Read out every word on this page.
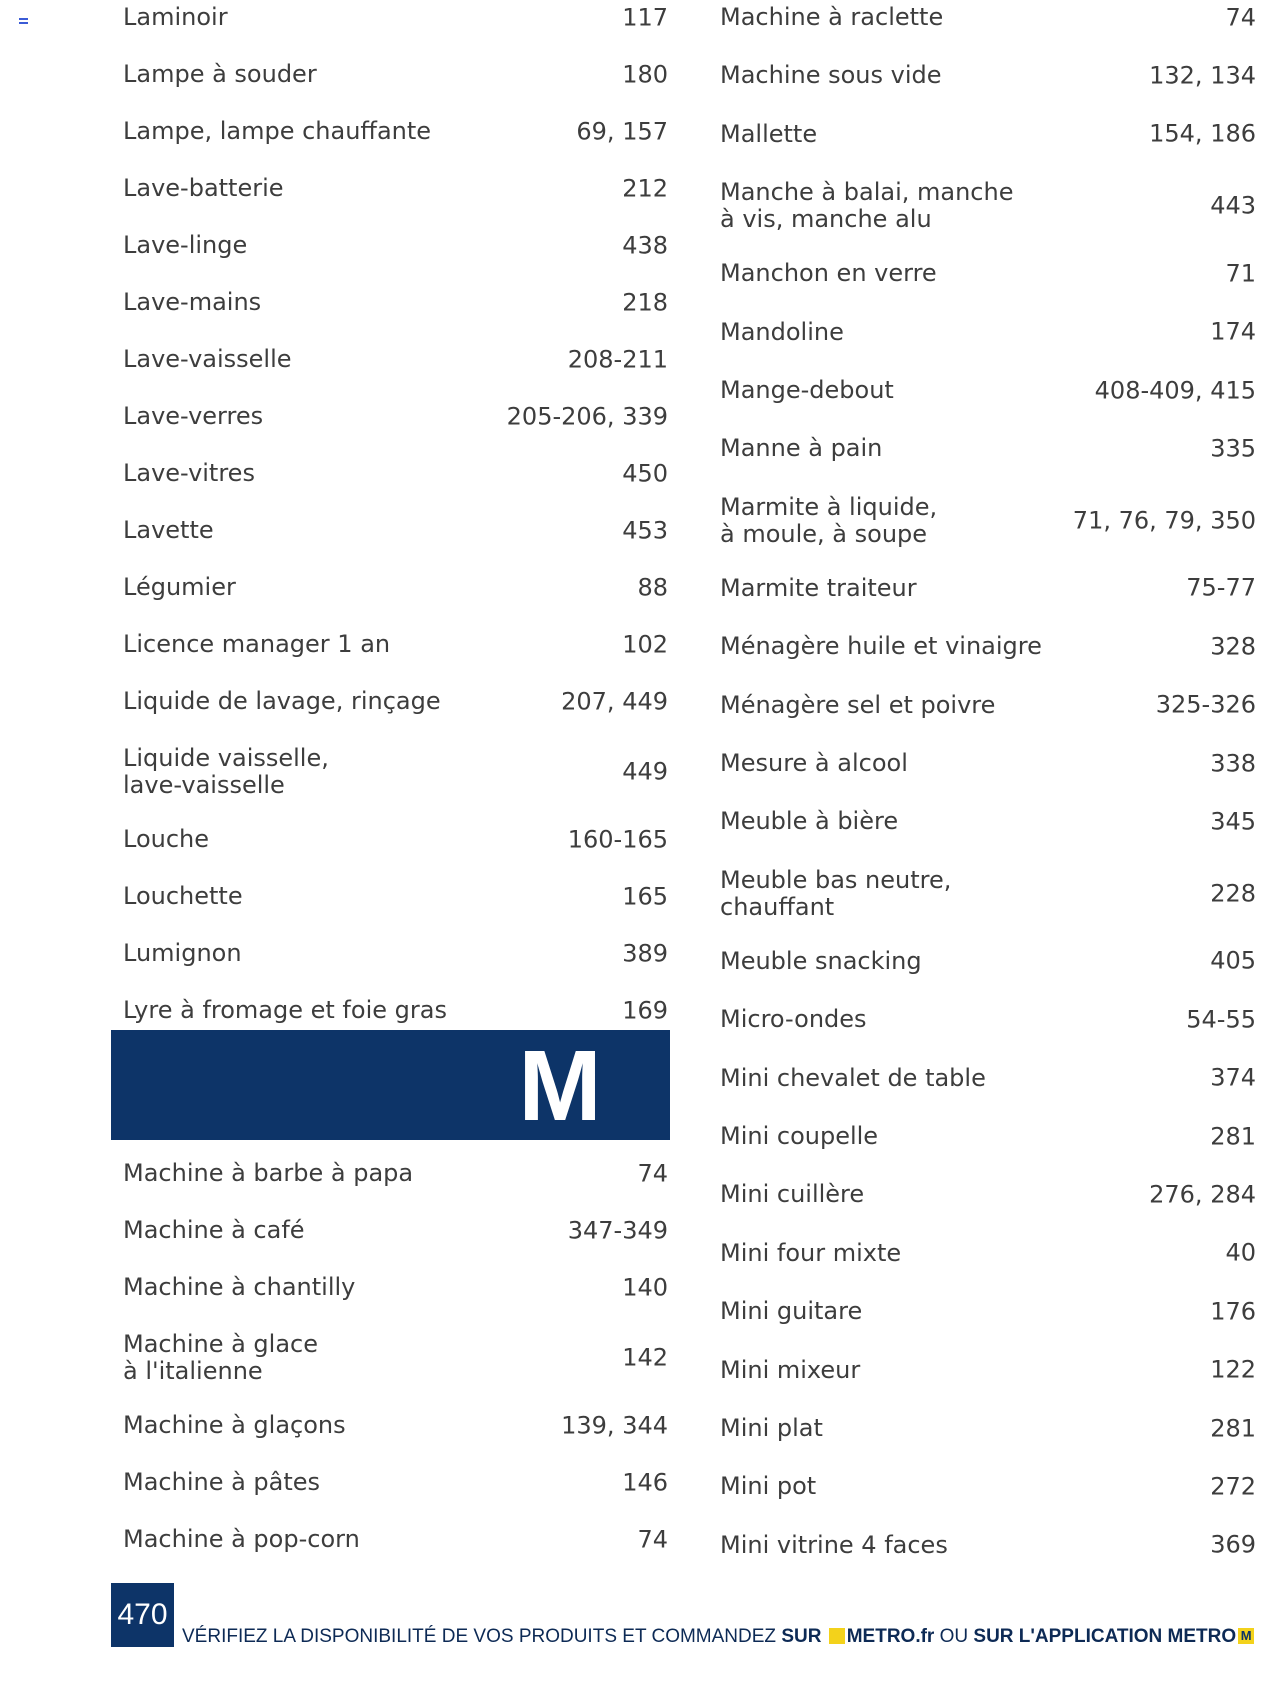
Laminoir	117
Lampe à souder	180
Lampe, lampe chauffante	69, 157
Lave-batterie	212
Lave-linge	438
Lave-mains	218
Lave-vaisselle	208-211
Lave-verres	205-206, 339
Lave-vitres	450
Lavette	453
Légumier	88
Licence manager 1 an	102
Liquide de lavage, rinçage	207, 449
Liquide vaisselle,
lave-vaisselle	449
Louche	160-165
Louchette	165
Lumignon	389
Lyre à fromage et foie gras	169
Machine à barbe à papa	74
Machine à café	347-349
Machine à chantilly	140
Machine à glace
à l'italienne	142
Machine à glaçons	139, 344
Machine à pâtes	146
Machine à pop-corn	74
M
Machine à raclette	74
Machine sous vide	132, 134
Mallette	154, 186
Manche à balai, manche
à vis, manche alu	443
Manchon en verre	71
Mandoline	174
Mange-debout	408-409, 415
Manne à pain	335
Marmite à liquide,
à moule, à soupe	71, 76, 79, 350
Marmite traiteur	75-77
Ménagère huile et vinaigre	328
Ménagère sel et poivre	325-326
Mesure à alcool	338
Meuble à bière	345
Meuble bas neutre,
chauffant	228
Meuble snacking	405
Micro-ondes	54-55
Mini chevalet de table	374
Mini coupelle	281
Mini cuillère	276, 284
Mini four mixte	40
Mini guitare	176
Mini mixeur	122
Mini plat	281
Mini pot	272
Mini vitrine 4 faces	369
470
VÉRIFIEZ LA DISPONIBILITÉ DE VOS PRODUITS ET COMMANDEZ SUR METRO.fr OU SUR L'APPLICATION METROM
